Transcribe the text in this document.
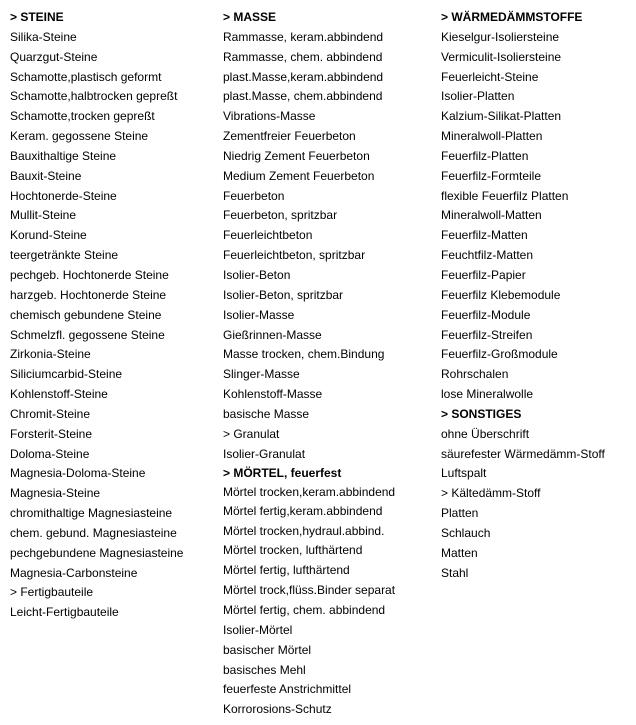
> STEINE
Silika-Steine
Quarzgut-Steine
Schamotte,plastisch geformt
Schamotte,halbtrocken gepreßt
Schamotte,trocken gepreßt
Keram. gegossene Steine
Bauxithaltige Steine
Bauxit-Steine
Hochtonerde-Steine
Mullit-Steine
Korund-Steine
teergetränkte Steine
pechgeb. Hochtonerde Steine
harzgeb. Hochtonerde Steine
chemisch gebundene Steine
Schmelzfl. gegossene Steine
Zirkonia-Steine
Siliciumcarbid-Steine
Kohlenstoff-Steine
Chromit-Steine
Forsterit-Steine
Doloma-Steine
Magnesia-Doloma-Steine
Magnesia-Steine
chromithaltige Magnesiasteine
chem. gebund. Magnesiasteine
pechgebundene Magnesiasteine
Magnesia-Carbonsteine
> Fertigbauteile
Leicht-Fertigbauteile
> MASSE
Rammasse, keram.abbindend
Rammasse, chem. abbindend
plast.Masse,keram.abbindend
plast.Masse, chem.abbindend
Vibrations-Masse
Zementfreier Feuerbeton
Niedrig Zement Feuerbeton
Medium Zement Feuerbeton
Feuerbeton
Feuerbeton, spritzbar
Feuerleichtbeton
Feuerleichtbeton, spritzbar
Isolier-Beton
Isolier-Beton, spritzbar
Isolier-Masse
Gießrinnen-Masse
Masse trocken, chem.Bindung
Slinger-Masse
Kohlenstoff-Masse
basische Masse
> Granulat
Isolier-Granulat
> MÖRTEL, feuerfest
Mörtel trocken,keram.abbindend
Mörtel fertig,keram.abbindend
Mörtel trocken,hydraul.abbind.
Mörtel trocken, lufthärtend
Mörtel fertig, lufthärtend
Mörtel trock,flüss.Binder separat
Mörtel fertig, chem. abbindend
Isolier-Mörtel
basischer Mörtel
basisches Mehl
feuerfeste Anstrichmittel
Korrorosions-Schutz
> WÄRMEDÄMMSTOFFE
Kieselgur-Isoliersteine
Vermiculit-Isoliersteine
Feuerleicht-Steine
Isolier-Platten
Kalzium-Silikat-Platten
Mineralwoll-Platten
Feuerfilz-Platten
Feuerfilz-Formteile
flexible Feuerfilz Platten
Mineralwoll-Matten
Feuerfilz-Matten
Feuchtfilz-Matten
Feuerfilz-Papier
Feuerfilz Klebemodule
Feuerfilz-Module
Feuerfilz-Streifen
Feuerfilz-Großmodule
Rohrschalen
lose Mineralwolle
> SONSTIGES
ohne Überschrift
säurefester Wärmedämm-Stoff
Luftspalt
> Kältedämm-Stoff
Platten
Schlauch
Matten
Stahl
